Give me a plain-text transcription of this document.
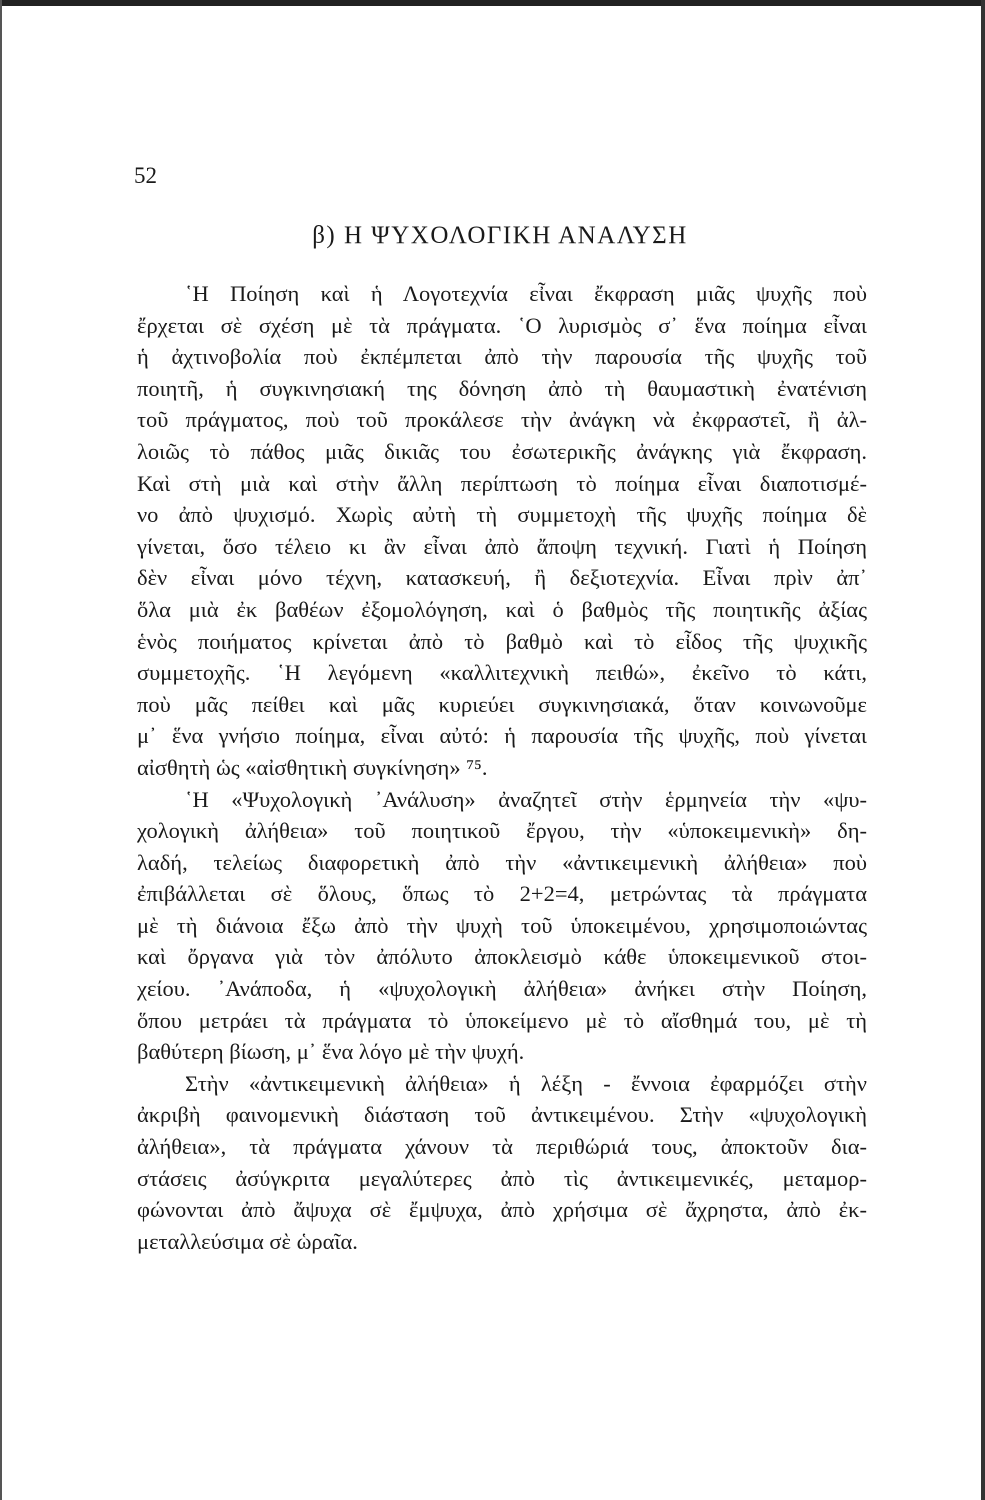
52
β) Η ΨΥΧΟΛΟΓΙΚΗ ΑΝΑΛΥΣΗ
῾Η Ποίηση καὶ ἡ Λογοτεχνία εἶναι ἔκφραση μιᾶς ψυχῆς ποὺ
ἔρχεται σὲ σχέση μὲ τὰ πράγματα. ῾Ο λυρισμὸς σ᾽ ἕνα ποίημα εἶναι
ἡ ἀχτινοβολία ποὺ ἐκπέμπεται ἀπὸ τὴν παρουσία τῆς ψυχῆς τοῦ
ποιητῆ, ἡ συγκινησιακή της δόνηση ἀπὸ τὴ θαυμαστικὴ ἐνατένιση
τοῦ πράγματος, ποὺ τοῦ προκάλεσε τὴν ἀνάγκη νὰ ἐκφραστεῖ, ἢ ἀλ-
λοιῶς τὸ πάθος μιᾶς δικιᾶς του ἐσωτερικῆς ἀνάγκης γιὰ ἔκφραση.
Καὶ στὴ μιὰ καὶ στὴν ἄλλη περίπτωση τὸ ποίημα εἶναι διαποτισμέ-
νο ἀπὸ ψυχισμό. Χωρὶς αὐτὴ τὴ συμμετοχὴ τῆς ψυχῆς ποίημα δὲ
γίνεται, ὅσο τέλειο κι ἂν εἶναι ἀπὸ ἄποψη τεχνική. Γιατὶ ἡ Ποίηση
δὲν εἶναι μόνο τέχνη, κατασκευή, ἢ δεξιοτεχνία. Εἶναι πρὶν ἀπ᾽
ὅλα μιὰ ἐκ βαθέων ἐξομολόγηση, καὶ ὁ βαθμὸς τῆς ποιητικῆς ἀξίας
ἑνὸς ποιήματος κρίνεται ἀπὸ τὸ βαθμὸ καὶ τὸ εἶδος τῆς ψυχικῆς
συμμετοχῆς. ῾Η λεγόμενη «καλλιτεχνικὴ πειθώ», ἐκεῖνο τὸ κάτι,
ποὺ μᾶς πείθει καὶ μᾶς κυριεύει συγκινησιακά, ὅταν κοινωνοῦμε
μ᾽ ἕνα γνήσιο ποίημα, εἶναι αὐτό: ἡ παρουσία τῆς ψυχῆς, ποὺ γίνεται
αἰσθητὴ ὡς «αἰσθητικὴ συγκίνηση» ⁷⁵.
῾Η «Ψυχολογικὴ ᾽Ανάλυση» ἀναζητεῖ στὴν ἑρμηνεία τὴν «ψυ-
χολογικὴ ἀλήθεια» τοῦ ποιητικοῦ ἔργου, τὴν «ὑποκειμενικὴ» δη-
λαδή, τελείως διαφορετικὴ ἀπὸ τὴν «ἀντικειμενικὴ ἀλήθεια» ποὺ
ἐπιβάλλεται σὲ ὅλους, ὅπως τὸ 2+2=4, μετρώντας τὰ πράγματα
μὲ τὴ διάνοια ἔξω ἀπὸ τὴν ψυχὴ τοῦ ὑποκειμένου, χρησιμοποιώντας
καὶ ὄργανα γιὰ τὸν ἀπόλυτο ἀποκλεισμὸ κάθε ὑποκειμενικοῦ στοι-
χείου. ᾽Ανάποδα, ἡ «ψυχολογικὴ ἀλήθεια» ἀνήκει στὴν Ποίηση,
ὅπου μετράει τὰ πράγματα τὸ ὑποκείμενο μὲ τὸ αἴσθημά του, μὲ τὴ
βαθύτερη βίωση, μ᾽ ἕνα λόγο μὲ τὴν ψυχή.
Στὴν «ἀντικειμενικὴ ἀλήθεια» ἡ λέξη - ἔννοια ἐφαρμόζει στὴν
ἀκριβὴ φαινομενικὴ διάσταση τοῦ ἀντικειμένου. Στὴν «ψυχολογικὴ
ἀλήθεια», τὰ πράγματα χάνουν τὰ περιθώριά τους, ἀποκτοῦν δια-
στάσεις ἀσύγκριτα μεγαλύτερες ἀπὸ τὶς ἀντικειμενικές, μεταμορ-
φώνονται ἀπὸ ἄψυχα σὲ ἔμψυχα, ἀπὸ χρήσιμα σὲ ἄχρηστα, ἀπὸ ἐκ-
μεταλλεύσιμα σὲ ὡραῖα.
